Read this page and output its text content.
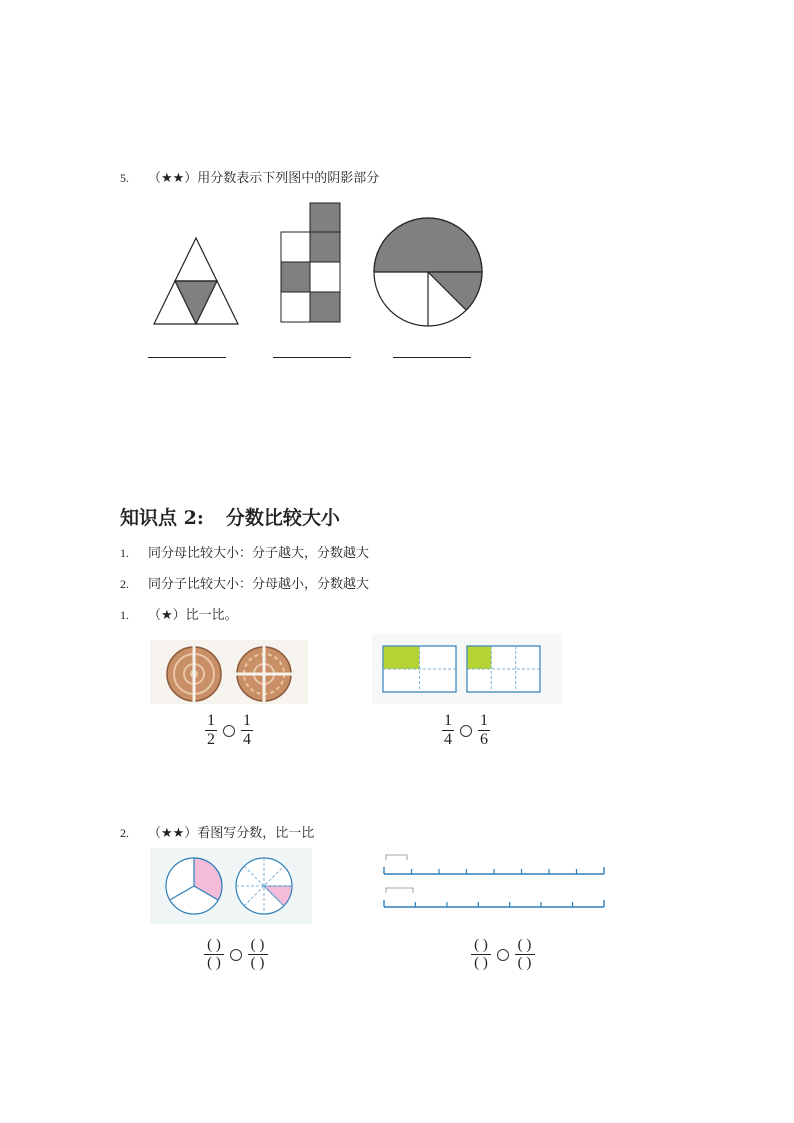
5. （★★）用分数表示下列图中的阴影部分
知识点 2: 分数比较大小
1. 同分母比较大小：分子越大，分数越大
2. 同分子比较大小：分母越小，分数越大
1. （★）比一比。
$\frac{1}{2}$
$\frac{1}{4}$	$\frac{1}{4}$
$\frac{1}{6}$
2. （★★）看图写分数，比一比
$\frac{( )}{( )}$
$\frac{( )}{( )}$	$\frac{( )}{( )}$
$\frac{( )}{( )}$
